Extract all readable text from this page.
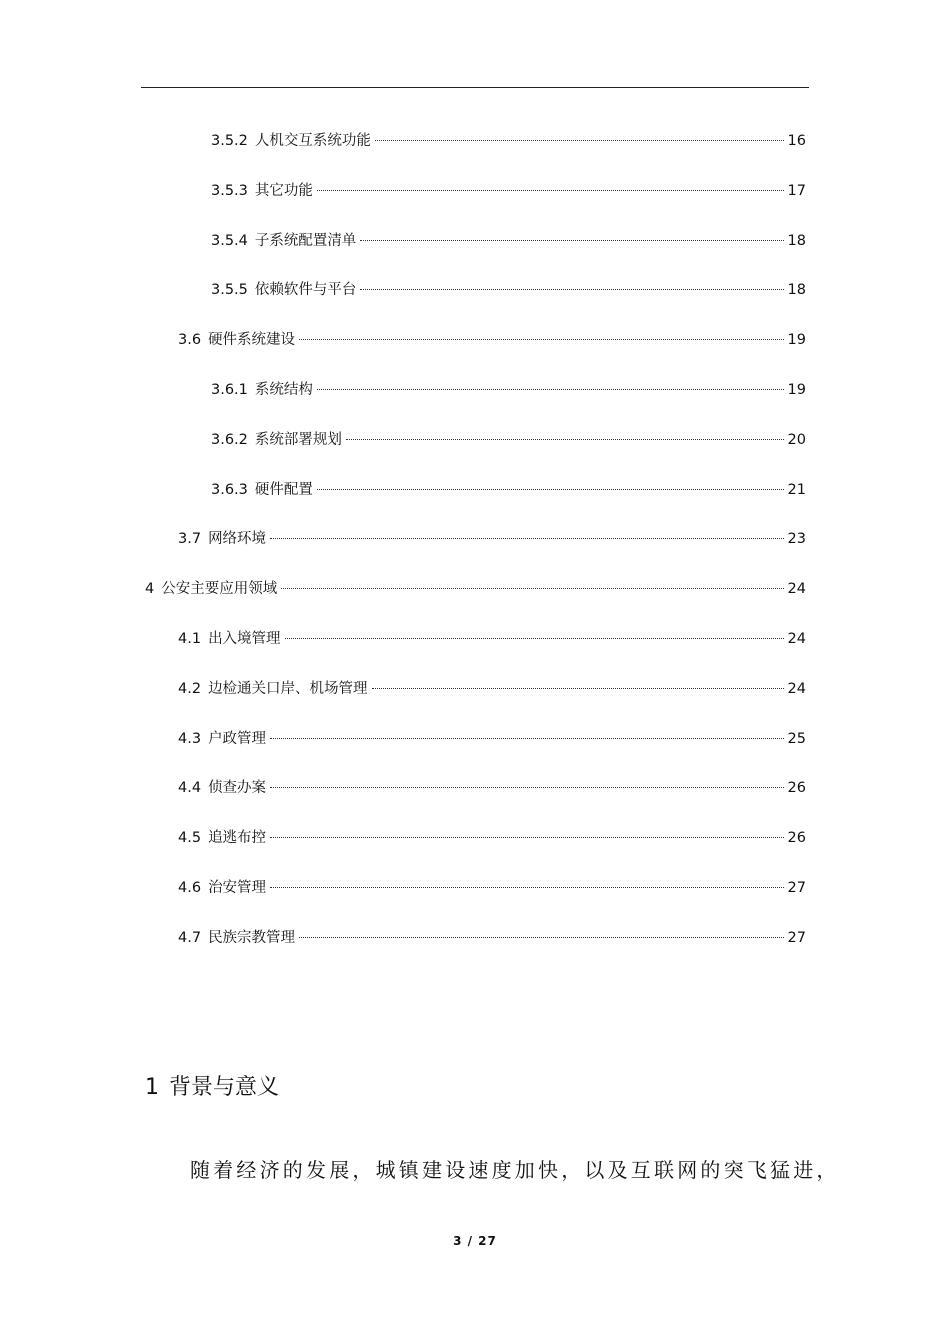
3.5.2 人机交互系统功能	16
3.5.3 其它功能	17
3.5.4 子系统配置清单	18
3.5.5 依赖软件与平台	18
3.6 硬件系统建设	19
3.6.1 系统结构	19
3.6.2 系统部署规划	20
3.6.3 硬件配置	21
3.7 网络环境	23
4 公安主要应用领域	24
4.1 出入境管理	24
4.2 边检通关口岸、机场管理	24
4.3 户政管理	25
4.4 侦查办案	26
4.5 追逃布控	26
4.6 治安管理	27
4.7 民族宗教管理	27
1 背景与意义

随着经济的发展，城镇建设速度加快，以及互联网的突飞猛进，

3 / 27
